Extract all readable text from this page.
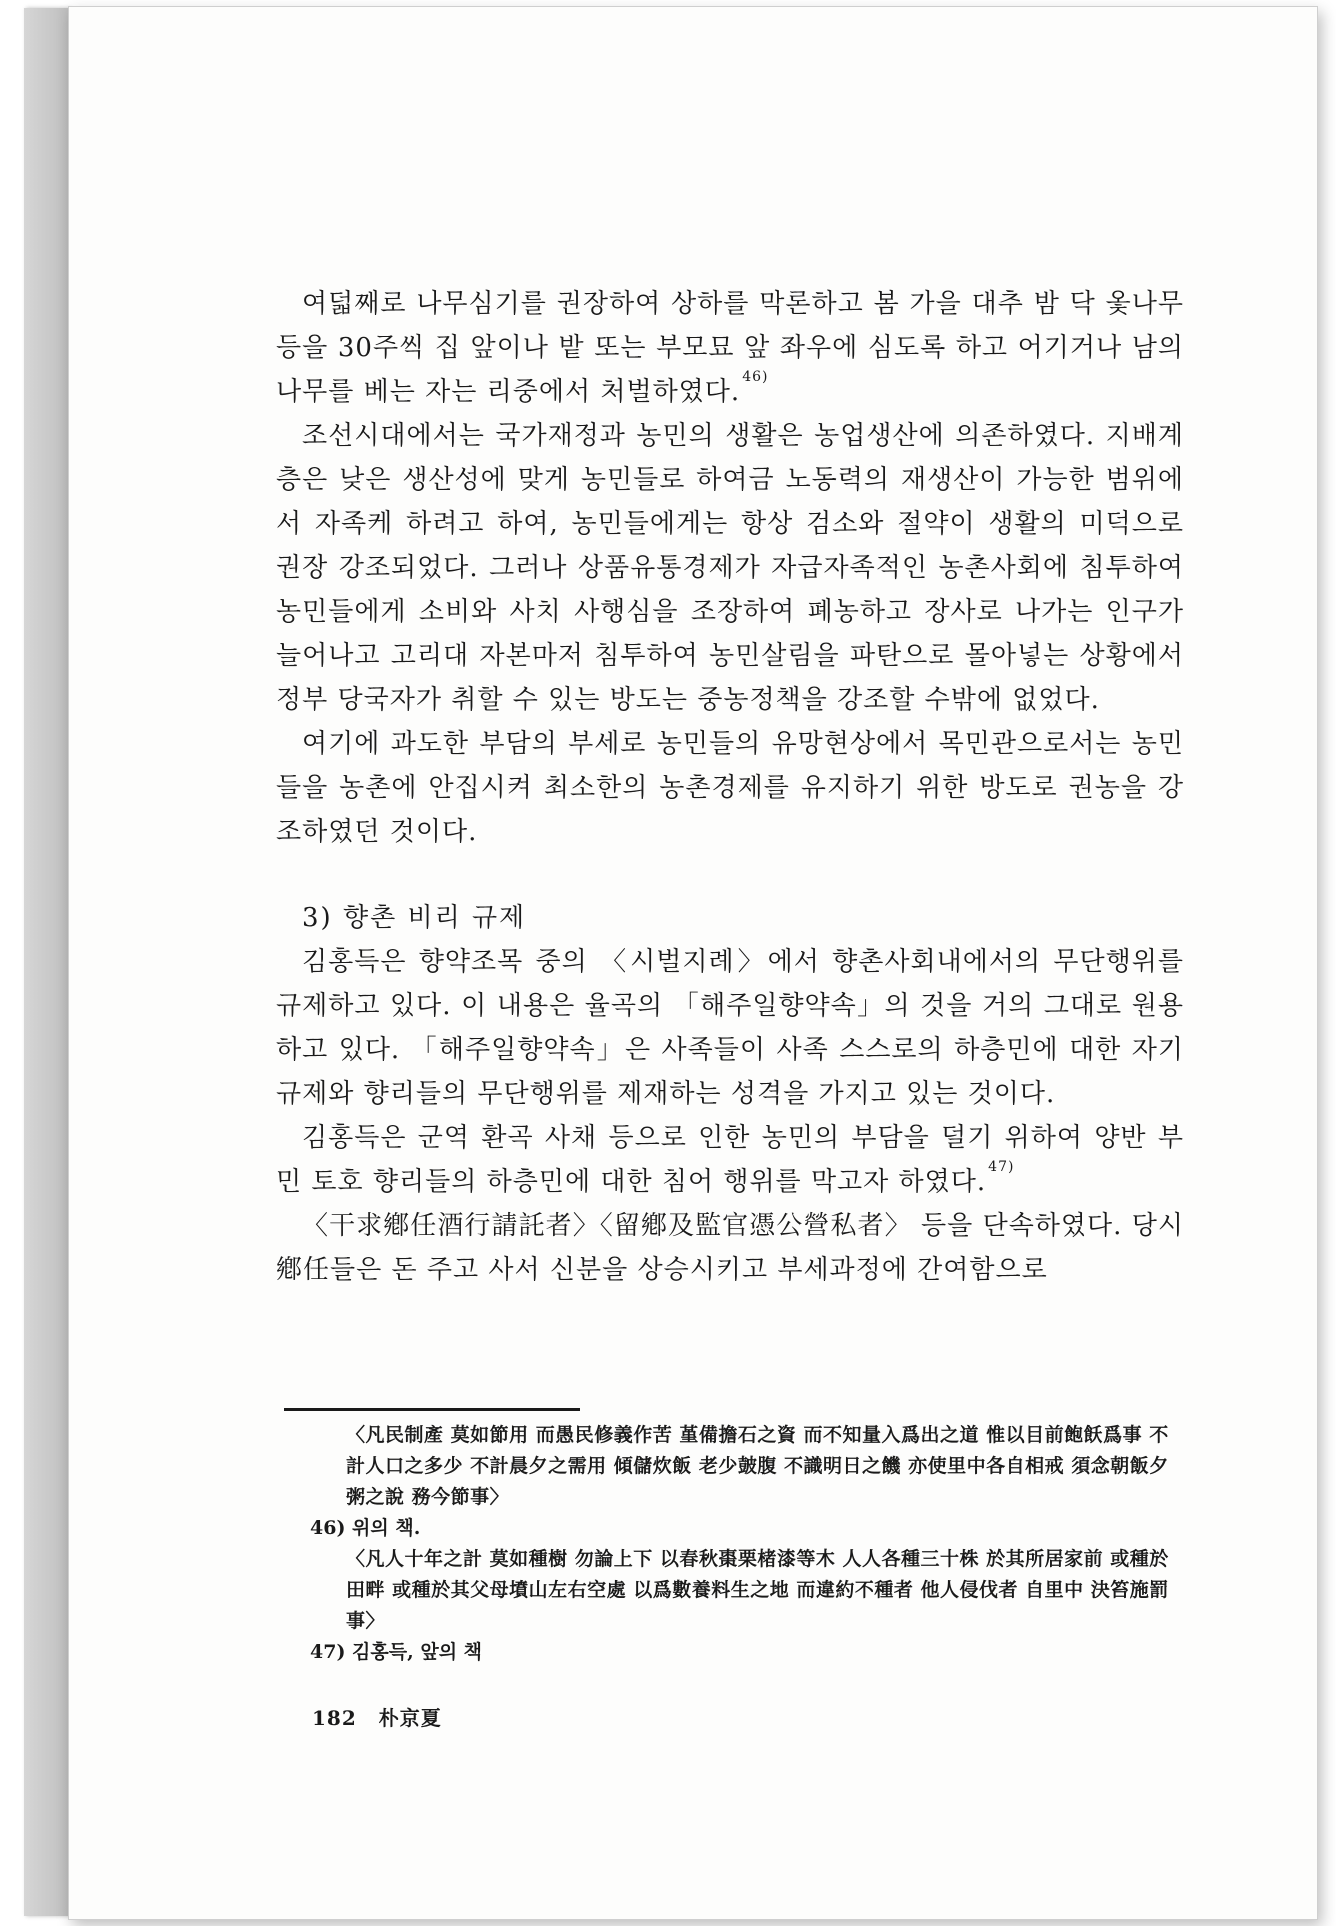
여덟째로 나무심기를 권장하여 상하를 막론하고 봄 가을 대추 밤 닥 옻나무 등을 30주씩 집 앞이나 밭 또는 부모묘 앞 좌우에 심도록 하고 어기거나 남의 나무를 베는 자는 리중에서 처벌하였다. $^{46)}$

조선시대에서는 국가재정과 농민의 생활은 농업생산에 의존하였다. 지배계층은 낮은 생산성에 맞게 농민들로 하여금 노동력의 재생산이 가능한 범위에서 자족케 하려고 하여, 농민들에게는 항상 검소와 절약이 생활의 미덕으로 권장 강조되었다. 그러나 상품유통경제가 자급자족적인 농촌사회에 침투하여 농민들에게 소비와 사치 사행심을 조장하여 폐농하고 장사로 나가는 인구가 늘어나고 고리대 자본마저 침투하여 농민살림을 파탄으로 몰아넣는 상황에서 정부 당국자가 취할 수 있는 방도는 중농정책을 강조할 수밖에 없었다.

여기에 과도한 부담의 부세로 농민들의 유망현상에서 목민관으로서는 농민들을 농촌에 안집시켜 최소한의 농촌경제를 유지하기 위한 방도로 권농을 강조하였던 것이다.

3) 향촌 비리 규제

김홍득은 향약조목 중의 〈시벌지례〉에서 향촌사회내에서의 무단행위를 규제하고 있다. 이 내용은 율곡의 「해주일향약속」의 것을 거의 그대로 원용하고 있다. 「해주일향약속」은 사족들이 사족 스스로의 하층민에 대한 자기규제와 향리들의 무단행위를 제재하는 성격을 가지고 있는 것이다.

김홍득은 군역 환곡 사채 등으로 인한 농민의 부담을 덜기 위하여 양반 부민 토호 향리들의 하층민에 대한 침어 행위를 막고자 하였다. $^{47)}$

〈干求鄕任酒行請託者〉〈留鄕及監官憑公營私者〉 등을 단속하였다. 당시 鄕任들은 돈 주고 사서 신분을 상승시키고 부세과정에 간여함으로

〈凡民制產 莫如節用 而愚民修義作苦 堇備擔石之資 而不知量入爲出之道 惟以目前飽飫爲事 不計人口之多少 不計晨夕之需用 傾儲炊飯 老少皷腹 不識明日之饑 亦使里中各自相戒 須念朝飯夕粥之說 務今節事〉

46) 위의 책.

〈凡人十年之計 莫如種樹 勿論上下 以春秋棗栗楮漆等木 人人各種三十株 於其所居家前 或種於田畔 或種於其父母墳山左右空處 以爲數養料生之地 而違約不種者 他人侵伐者 自里中 決笞施罰事〉

47) 김홍득, 앞의 책

182 朴京夏
